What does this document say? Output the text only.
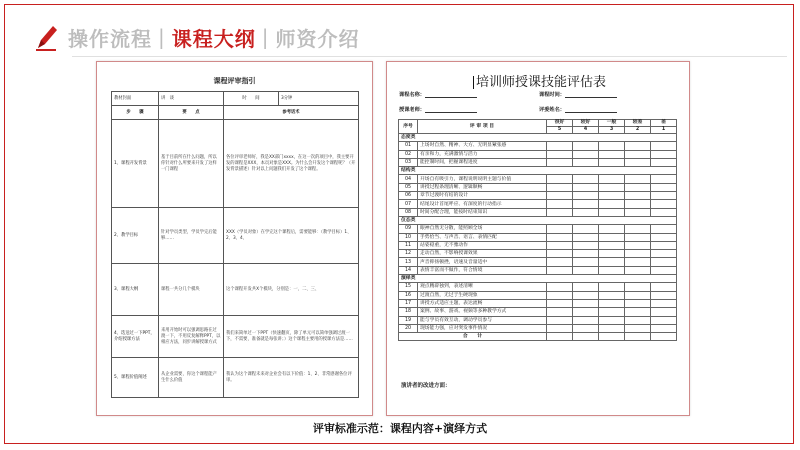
操作流程 | 课程大纲 | 师资介绍
课程评审指引
教材封面	讲　谈	时　　间	3分钟
步　　骤	要　　点	参考话术	
1、课程开发背景	基于目前所在什么问题，所以你针对什么所要来开发了这样一门课程	各位评审老师好，我是XX部门xxxx，在这一次的项目中，我主要开发的课程是XXX，本员对象是XXX。为什么会开发这个课程呢？（开发背景描述）针对以上问题我们开发了这个课程。	
2、教学目标	针对学员类型，学员学完后能够……	XXX（学员对象）在学完这个课程后，需要能够：（教学目标）1、2、3、4、	
3、课程大纲	课程一共分几个模块	这个课程开发共X个模块，分别是：一、二、三、	
4、选送过一下PPT，介绍授课方法	来用开始时可以强调思路在过渡一下，不用反复解释PPT，以相应方法，同步讲解授课方式	我们来简单过一下PPT（快速翻页，除了单元可以简单强调过渡一下，不需要，准备就是每张讲；）这个课程主要用的授课方法是……	
5、课程价值阐述	从企业需要，你这个课程能产生什么价值	我认为这个课程未来对企业会有以下价值：1、2、非常感谢各位评审。	
培训师授课技能评估表
课程名称：	课程时间：
授课老师：	评委姓名：
序号	评 审 项 目	很好	较好	一般	较差	差
		5	4	3	2	1
态度类						
01	上场时自然、精神、大方、无明显紧张感					
02	有亲和力，充满激情与活力					
03	能控制时间，把握课程进度					
结构类						
04	开场自有吸引力，课程说明说明主题与价值					
05	讲授过程条理清晰、逻辑顺畅					
06	章节过渡时有结的设计					
07	结尾设计首尾呼应、有深度的行动指示					
08	时间分配合理，能按时结束知识					
仪态类						
09	眼神自然无分散，能照顾全场					
10	手势恰当、与声音、语言、表情匹配					
11	站姿稳重，无不雅动作					
12	走动自然，不影响授课效果					
13	声音抑扬顿挫，语速及音量适中					
14	表情丰富而不做作，符合情境					
演绎类						
15	观点精辟独到，表述清晰					
16	过渡自然，无过于生硬现象					
17	讲授方式适应主题，表达流畅					
18	案例、故事、游戏、视频等多种教学方式					
19	能与学员有效互动，调动学员参与					
20	现场能力强，应对突发事件情况					
合　　计						
演讲者的改进方面：
评审标准示范：课程内容+演绎方式
